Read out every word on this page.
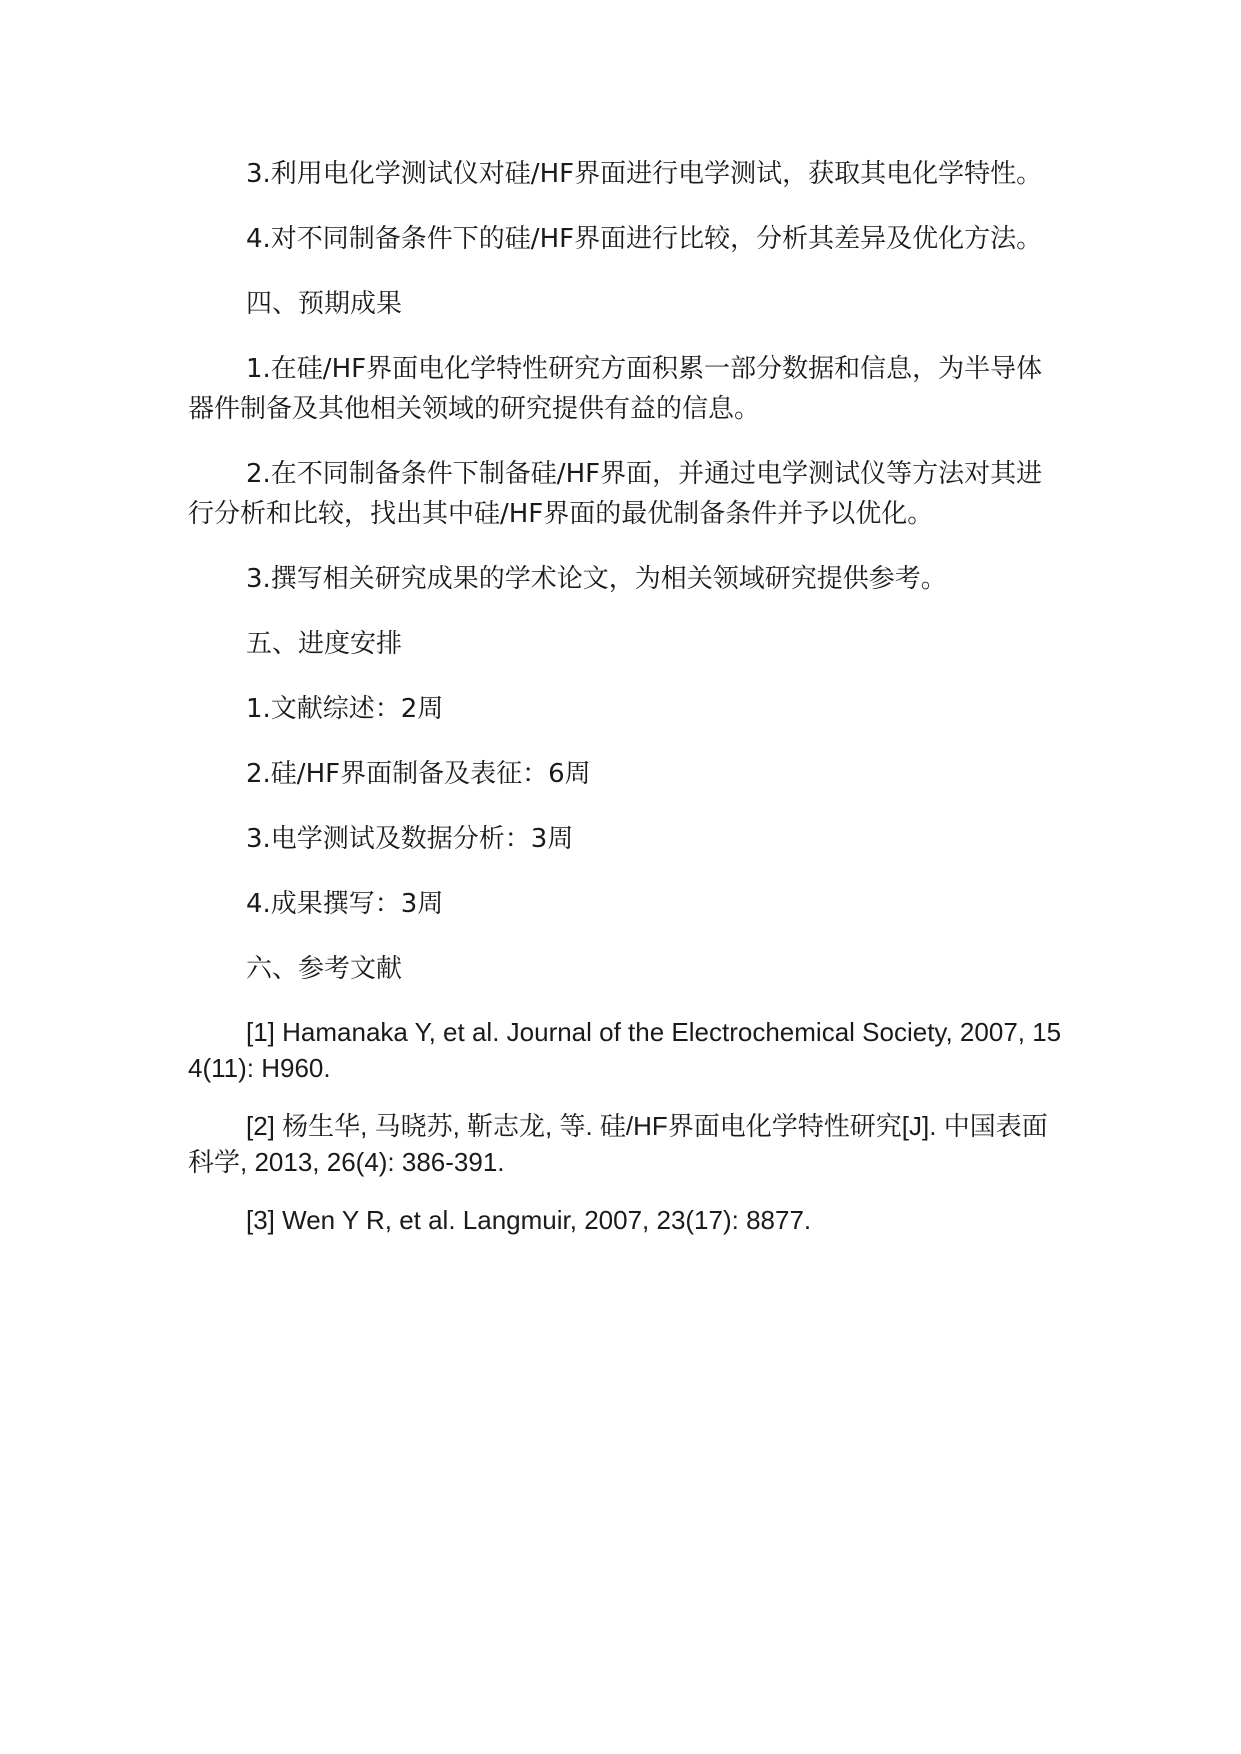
3.利用电化学测试仪对硅/HF界面进行电学测试，获取其电化学特性。

4.对不同制备条件下的硅/HF界面进行比较，分析其差异及优化方法。

四、预期成果

1.在硅/HF界面电化学特性研究方面积累一部分数据和信息，为半导体器件制备及其他相关领域的研究提供有益的信息。

2.在不同制备条件下制备硅/HF界面，并通过电学测试仪等方法对其进行分析和比较，找出其中硅/HF界面的最优制备条件并予以优化。

3.撰写相关研究成果的学术论文，为相关领域研究提供参考。

五、进度安排

1.文献综述：2周

2.硅/HF界面制备及表征：6周

3.电学测试及数据分析：3周

4.成果撰写：3周

六、参考文献

[1] Hamanaka Y, et al. Journal of the Electrochemical Society, 2007, 154(11): H960.

[2] 杨生华, 马晓苏, 靳志龙, 等. 硅/HF界面电化学特性研究[J]. 中国表面科学, 2013, 26(4): 386-391.

[3] Wen Y R, et al. Langmuir, 2007, 23(17): 8877.
